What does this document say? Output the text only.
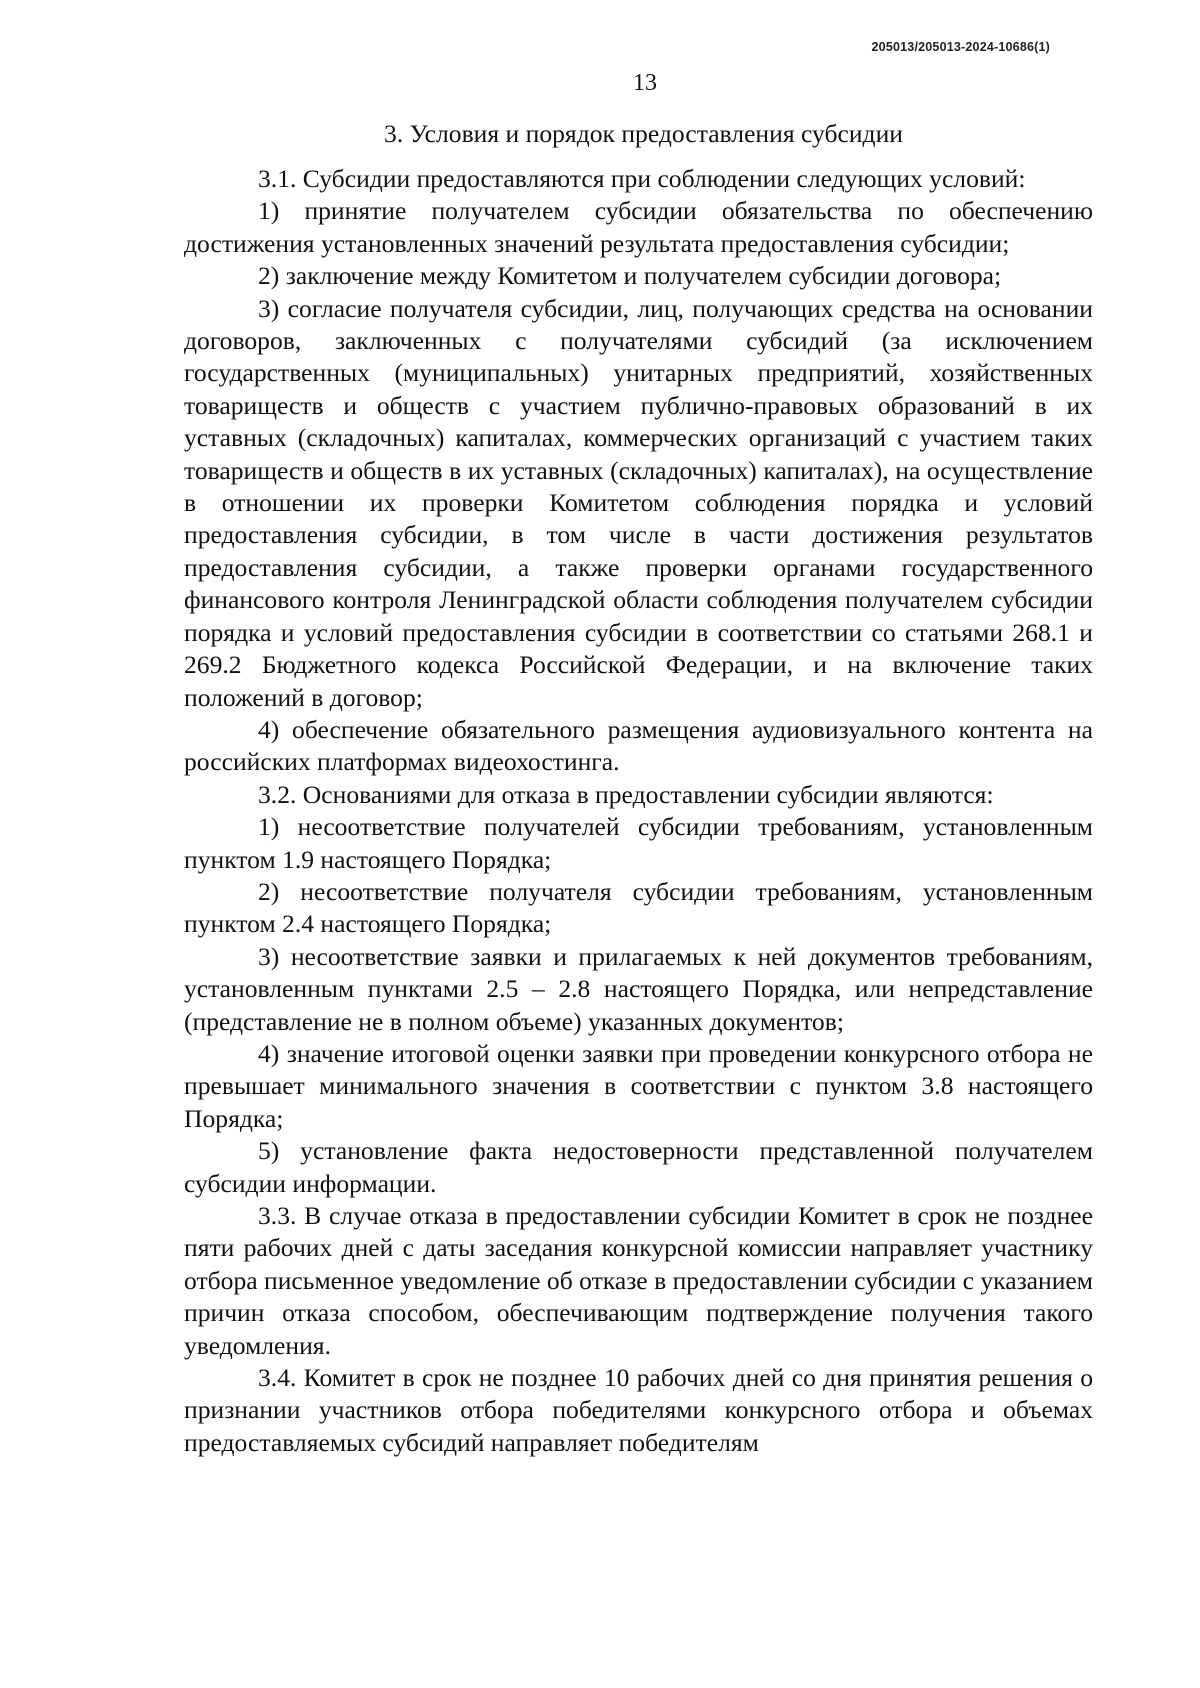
205013/205013-2024-10686(1)
13
3. Условия и порядок предоставления субсидии

3.1. Субсидии предоставляются при соблюдении следующих условий:

1) принятие получателем субсидии обязательства по обеспечению достижения установленных значений результата предоставления субсидии;

2) заключение между Комитетом и получателем субсидии договора;

3) согласие получателя субсидии, лиц, получающих средства на основании договоров, заключенных с получателями субсидий (за исключением государственных (муниципальных) унитарных предприятий, хозяйственных товариществ и обществ с участием публично-правовых образований в их уставных (складочных) капиталах, коммерческих организаций с участием таких товариществ и обществ в их уставных (складочных) капиталах), на осуществление в отношении их проверки Комитетом соблюдения порядка и условий предоставления субсидии, в том числе в части достижения результатов предоставления субсидии, а также проверки органами государственного финансового контроля Ленинградской области соблюдения получателем субсидии порядка и условий предоставления субсидии в соответствии со статьями 268.1 и 269.2 Бюджетного кодекса Российской Федерации, и на включение таких положений в договор;

4) обеспечение обязательного размещения аудиовизуального контента на российских платформах видеохостинга.

3.2. Основаниями для отказа в предоставлении субсидии являются:

1) несоответствие получателей субсидии требованиям, установленным пунктом 1.9 настоящего Порядка;

2) несоответствие получателя субсидии требованиям, установленным пунктом 2.4 настоящего Порядка;

3) несоответствие заявки и прилагаемых к ней документов требованиям, установленным пунктами 2.5 – 2.8 настоящего Порядка, или непредставление (представление не в полном объеме) указанных документов;

4) значение итоговой оценки заявки при проведении конкурсного отбора не превышает минимального значения в соответствии с пунктом 3.8 настоящего Порядка;

5) установление факта недостоверности представленной получателем субсидии информации.

3.3. В случае отказа в предоставлении субсидии Комитет в срок не позднее пяти рабочих дней с даты заседания конкурсной комиссии направляет участнику отбора письменное уведомление об отказе в предоставлении субсидии с указанием причин отказа способом, обеспечивающим подтверждение получения такого уведомления.

3.4. Комитет в срок не позднее 10 рабочих дней со дня принятия решения о признании участников отбора победителями конкурсного отбора и объемах предоставляемых субсидий направляет победителям
